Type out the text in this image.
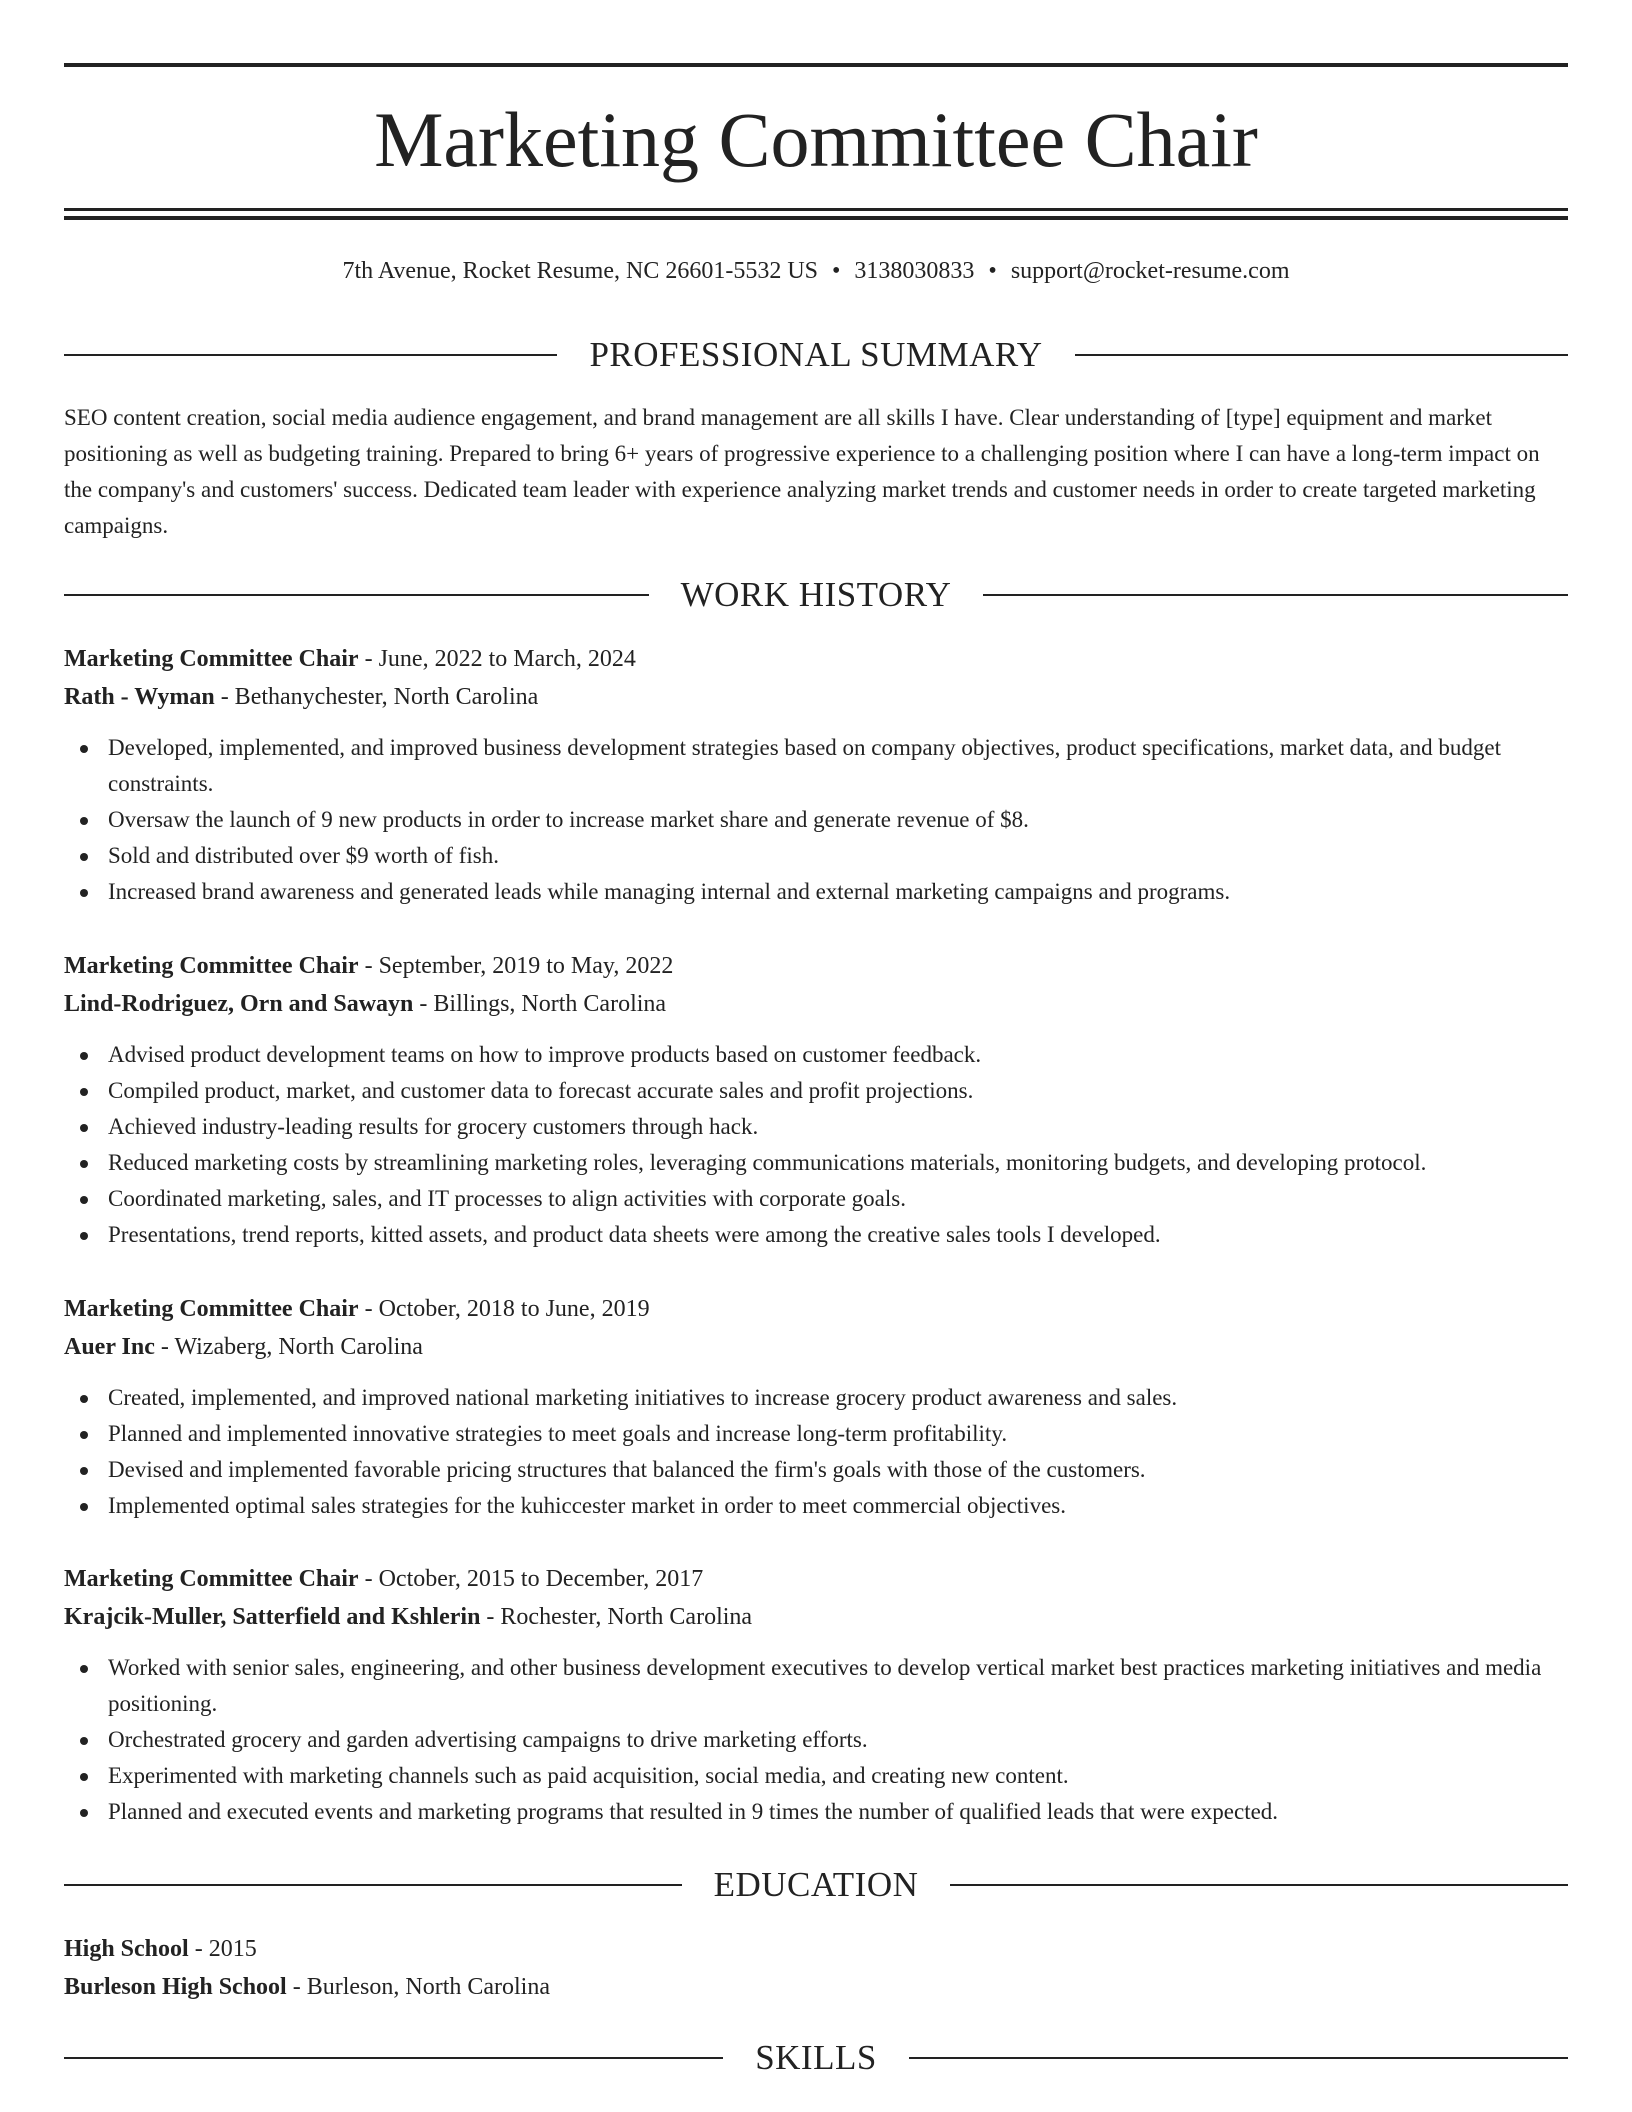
Marketing Committee Chair
7th Avenue, Rocket Resume, NC 26601-5532 US • 3138030833 • support@rocket-resume.com
PROFESSIONAL SUMMARY

SEO content creation, social media audience engagement, and brand management are all skills I have. Clear understanding of [type] equipment and market positioning as well as budgeting training. Prepared to bring 6+ years of progressive experience to a challenging position where I can have a long-term impact on the company's and customers' success. Dedicated team leader with experience analyzing market trends and customer needs in order to create targeted marketing campaigns.

WORK HISTORY
Marketing Committee Chair - June, 2022 to March, 2024
Rath - Wyman - Bethanychester, North Carolina
Developed, implemented, and improved business development strategies based on company objectives, product specifications, market data, and budget constraints.
Oversaw the launch of 9 new products in order to increase market share and generate revenue of $8.
Sold and distributed over $9 worth of fish.
Increased brand awareness and generated leads while managing internal and external marketing campaigns and programs.
Marketing Committee Chair - September, 2019 to May, 2022
Lind-Rodriguez, Orn and Sawayn - Billings, North Carolina
Advised product development teams on how to improve products based on customer feedback.
Compiled product, market, and customer data to forecast accurate sales and profit projections.
Achieved industry-leading results for grocery customers through hack.
Reduced marketing costs by streamlining marketing roles, leveraging communications materials, monitoring budgets, and developing protocol.
Coordinated marketing, sales, and IT processes to align activities with corporate goals.
Presentations, trend reports, kitted assets, and product data sheets were among the creative sales tools I developed.
Marketing Committee Chair - October, 2018 to June, 2019
Auer Inc - Wizaberg, North Carolina
Created, implemented, and improved national marketing initiatives to increase grocery product awareness and sales.
Planned and implemented innovative strategies to meet goals and increase long-term profitability.
Devised and implemented favorable pricing structures that balanced the firm's goals with those of the customers.
Implemented optimal sales strategies for the kuhiccester market in order to meet commercial objectives.
Marketing Committee Chair - October, 2015 to December, 2017
Krajcik-Muller, Satterfield and Kshlerin - Rochester, North Carolina
Worked with senior sales, engineering, and other business development executives to develop vertical market best practices marketing initiatives and media positioning.
Orchestrated grocery and garden advertising campaigns to drive marketing efforts.
Experimented with marketing channels such as paid acquisition, social media, and creating new content.
Planned and executed events and marketing programs that resulted in 9 times the number of qualified leads that were expected.
EDUCATION
High School - 2015
Burleson High School - Burleson, North Carolina
SKILLS
